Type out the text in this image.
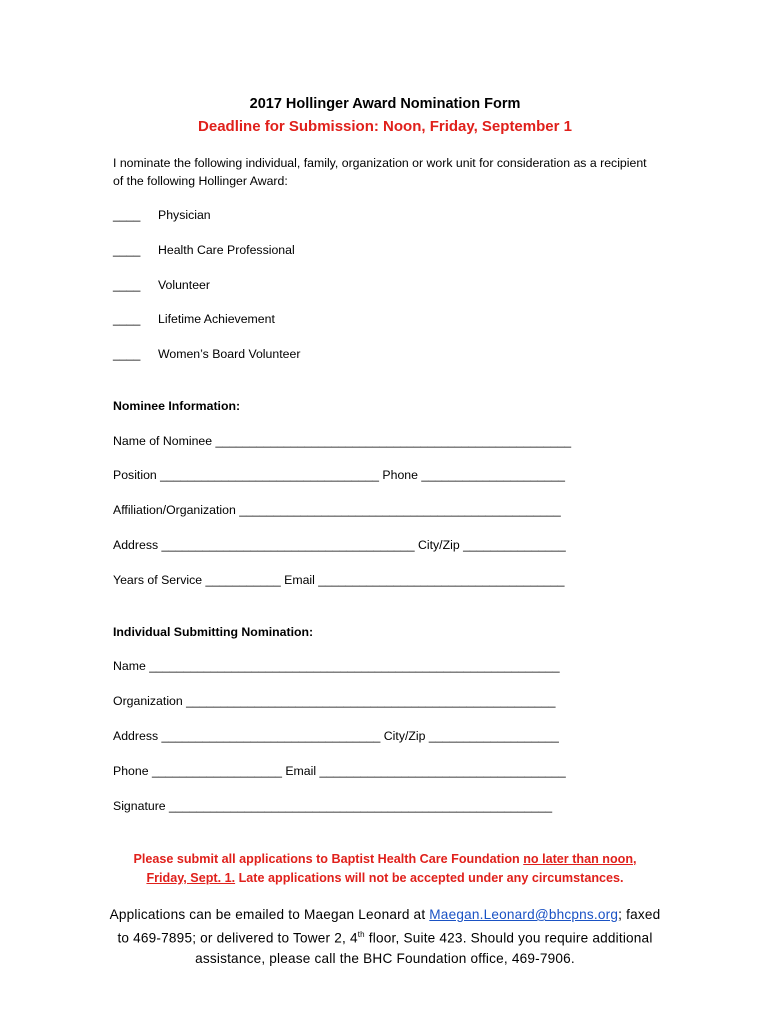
2017 Hollinger Award Nomination Form
Deadline for Submission: Noon, Friday, September 1
I nominate the following individual, family, organization or work unit for consideration as a recipient of the following Hollinger Award:
____ Physician
____ Health Care Professional
____ Volunteer
____ Lifetime Achievement
____ Women’s Board Volunteer
Nominee Information:
Name of Nominee ____________________________________________________
Position ________________________________ Phone _____________________
Affiliation/Organization _______________________________________________
Address _____________________________________ City/Zip _______________
Years of Service ___________ Email ____________________________________
Individual Submitting Nomination:
Name ____________________________________________________________
Organization ______________________________________________________
Address ________________________________ City/Zip ___________________
Phone ___________________ Email ____________________________________
Signature ________________________________________________________
Please submit all applications to Baptist Health Care Foundation no later than noon,
Friday, Sept. 1. Late applications will not be accepted under any circumstances.
Applications can be emailed to Maegan Leonard at Maegan.Leonard@bhcpns.org; faxed
to 469-7895; or delivered to Tower 2, 4th floor, Suite 423. Should you require additional
assistance, please call the BHC Foundation office, 469-7906.
